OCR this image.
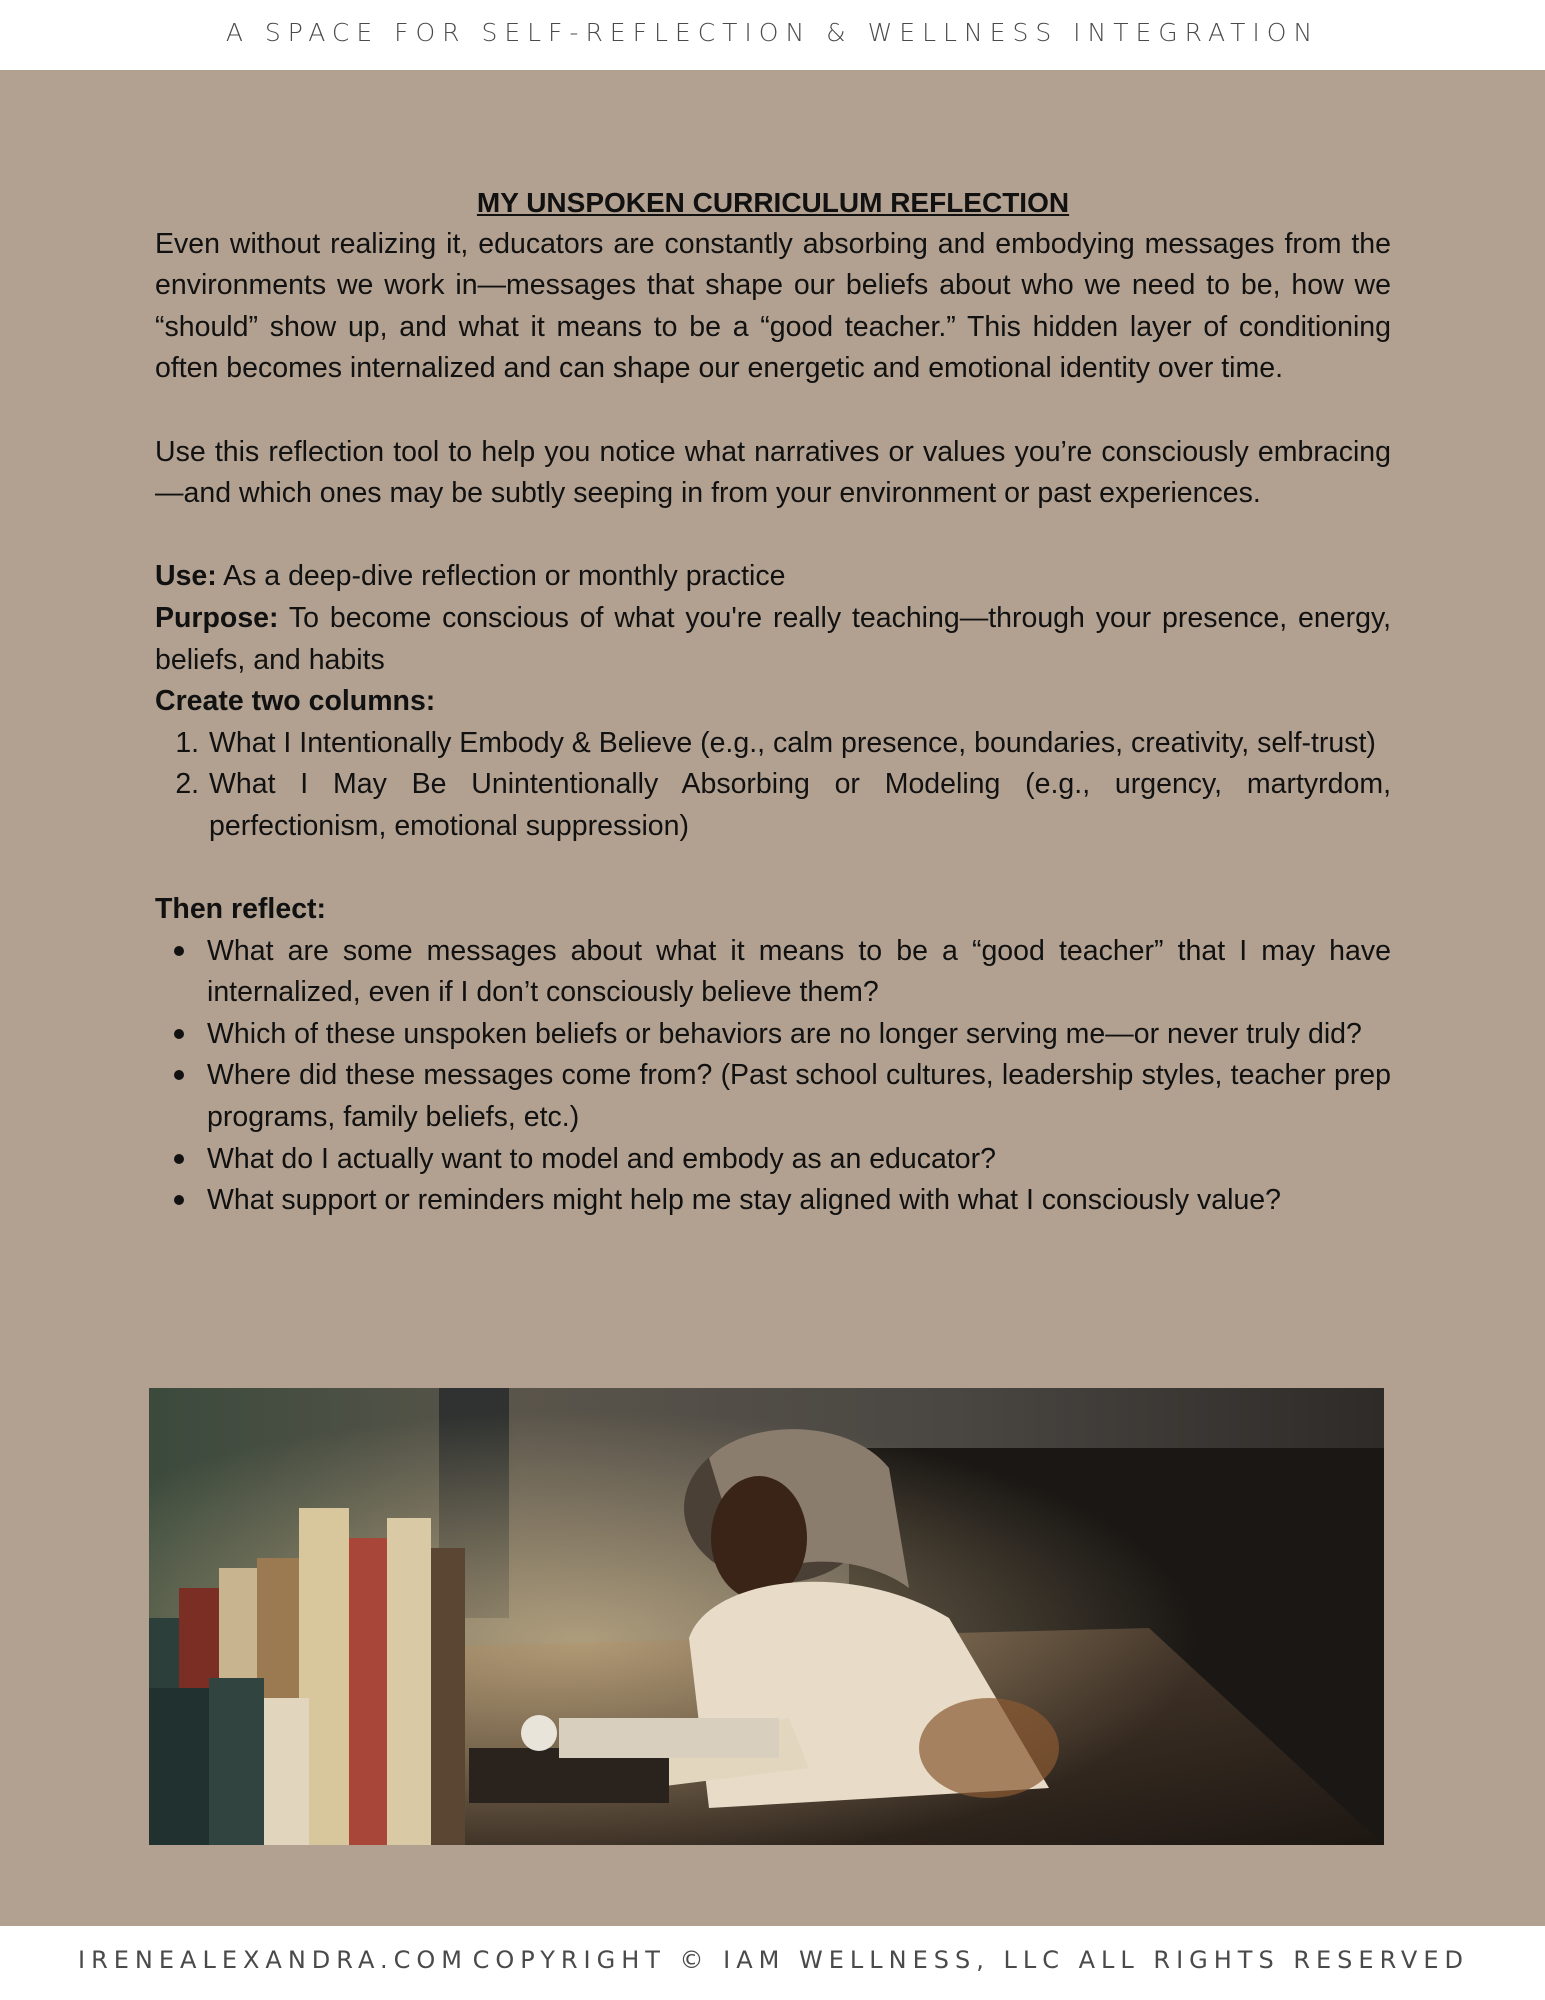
A SPACE FOR SELF-REFLECTION & WELLNESS INTEGRATION

MY UNSPOKEN CURRICULUM REFLECTION

Even without realizing it, educators are constantly absorbing and embodying messages from the environments we work in—messages that shape our beliefs about who we need to be, how we “should” show up, and what it means to be a “good teacher.” This hidden layer of conditioning often becomes internalized and can shape our energetic and emotional identity over time.

Use this reflection tool to help you notice what narratives or values you’re consciously embracing—and which ones may be subtly seeping in from your environment or past experiences.

Use: As a deep-dive reflection or monthly practice

Purpose: To become conscious of what you're really teaching—through your presence, energy, beliefs, and habits

Create two columns:

1. What I Intentionally Embody & Believe (e.g., calm presence, boundaries, creativity, self-trust)
2. What I May Be Unintentionally Absorbing or Modeling (e.g., urgency, martyrdom, perfectionism, emotional suppression)

Then reflect:

What are some messages about what it means to be a “good teacher” that I may have internalized, even if I don’t consciously believe them?
Which of these unspoken beliefs or behaviors are no longer serving me—or never truly did?
Where did these messages come from? (Past school cultures, leadership styles, teacher prep programs, family beliefs, etc.)
What do I actually want to model and embody as an educator?
What support or reminders might help me stay aligned with what I consciously value?
IRENEALEXANDRA.COM COPYRIGHT © IAM WELLNESS, LLC ALL RIGHTS RESERVED
